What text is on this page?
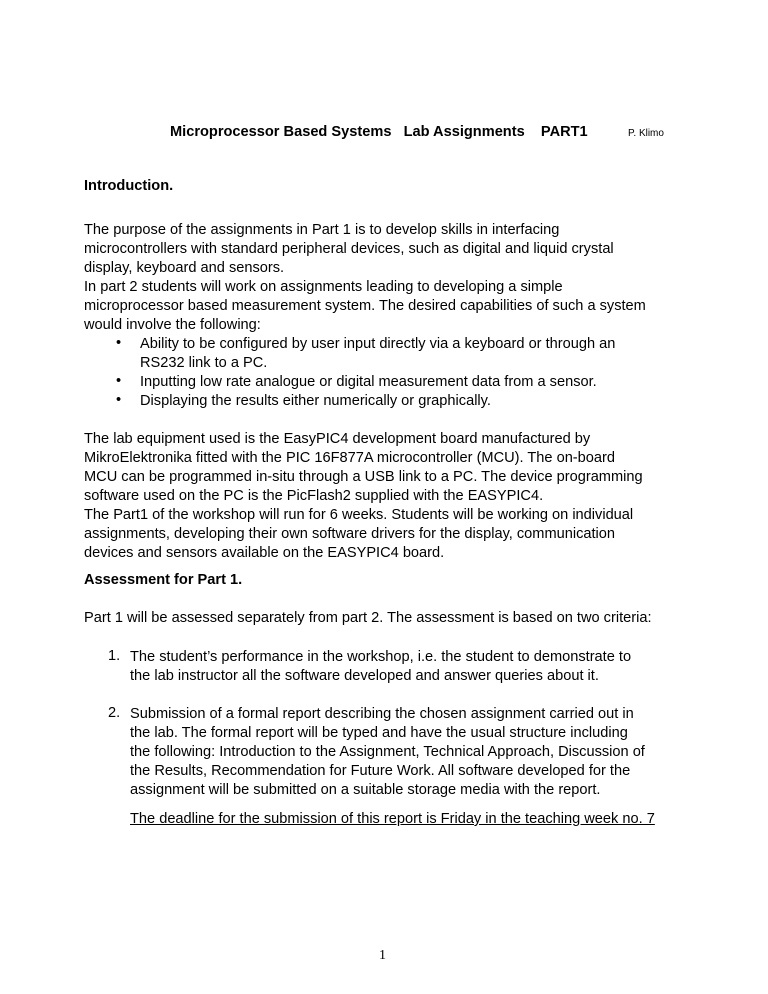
Microprocessor Based Systems   Lab Assignments    PART1	P. Klimo
Introduction.
The purpose of the assignments in Part 1 is to develop skills in interfacing
microcontrollers with standard peripheral devices, such as digital and liquid crystal
display, keyboard and sensors.
In part 2 students will work on assignments leading to developing a simple
microprocessor based measurement system. The desired capabilities of such a system
would involve the following:
• Ability to be configured by user input directly via a keyboard or through an
RS232 link to a PC.
• Inputting low rate analogue or digital measurement data from a sensor.
• Displaying the results either numerically or graphically.
The lab equipment used is the EasyPIC4 development board manufactured by
MikroElektronika fitted with the PIC 16F877A microcontroller (MCU). The on-board
MCU can be programmed in-situ through a USB link to a PC. The device programming
software used on the PC is the PicFlash2 supplied with the EASYPIC4.
The Part1 of the workshop will run for 6 weeks. Students will be working on individual
assignments, developing their own software drivers for the display, communication
devices and sensors available on the EASYPIC4 board.
Assessment for Part 1.
Part 1 will be assessed separately from part 2. The assessment is based on two criteria:
1. The student’s performance in the workshop, i.e. the student to demonstrate to
the lab instructor all the software developed and answer queries about it.
2. Submission of a formal report describing the chosen assignment carried out in
the lab. The formal report will be typed and have the usual structure including
the following: Introduction to the Assignment, Technical Approach, Discussion of
the Results, Recommendation for Future Work. All software developed for the
assignment will be submitted on a suitable storage media with the report.
The deadline for the submission of this report is Friday in the teaching week no. 7
1
